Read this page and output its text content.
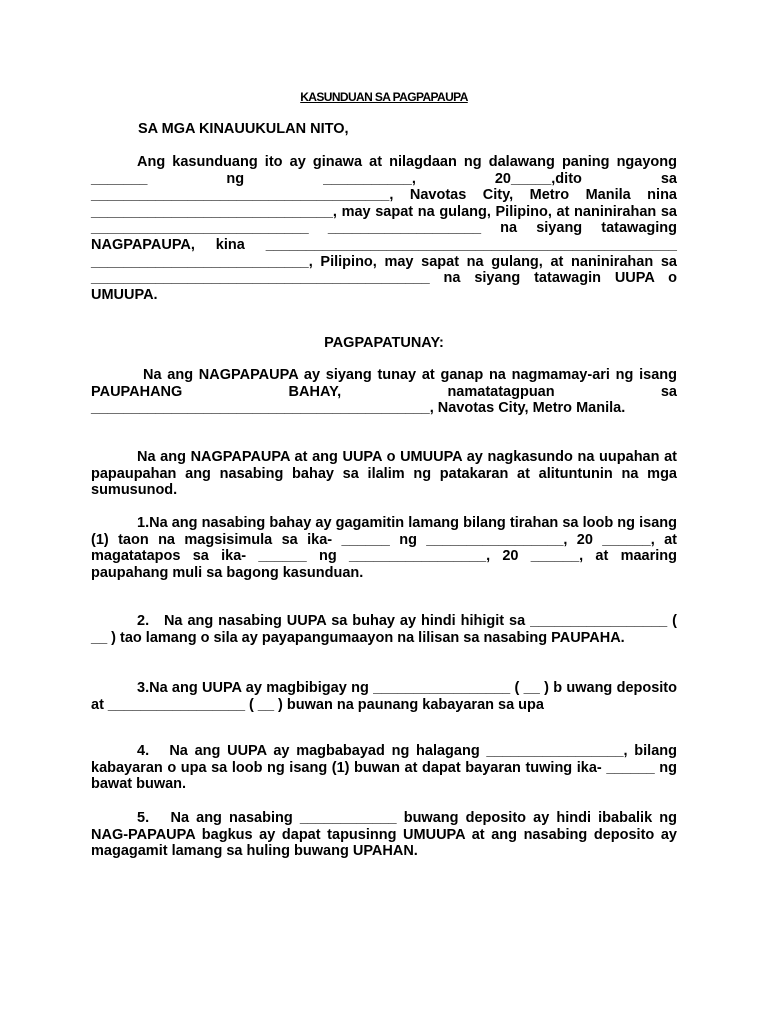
KASUNDUAN SA PAGPAPAUPA
SA MGA KINAUUKULAN NITO,

Ang kasunduang ito ay ginawa at nilagdaan ng dalawang paning ngayong _______ ng ___________, 20_____,dito sa _____________________________________, Navotas City, Metro Manila nina ______________________________, may sapat na gulang, Pilipino, at naninirahan sa ___________________________ ___________________ na siyang tatawaging NAGPAPAUPA, kina ___________________________________________________ ___________________________, Pilipino, may sapat na gulang, at naninirahan sa __________________________________________ na siyang tatawagin UUPA o UMUUPA.

PAGPAPATUNAY:

Na ang NAGPAPAUPA ay siyang tunay at ganap na nagmamay-ari ng isang PAUPAHANG BAHAY, namatatagpuan sa __________________________________________, Navotas City, Metro Manila.

Na ang NAGPAPAUPA at ang UUPA o UMUUPA ay nagkasundo na uupahan at papaupahan ang nasabing bahay sa ilalim ng patakaran at alituntunin na mga sumusunod.

1.Na ang nasabing bahay ay gagamitin lamang bilang tirahan sa loob ng isang (1) taon na magsisimula sa ika- ______ ng _________________, 20 ______, at magatatapos sa ika- ______ ng _________________, 20 ______, at maaring paupahang muli sa bagong kasunduan.

2.   Na ang nasabing UUPA sa buhay ay hindi hihigit sa _________________ ( __ ) tao lamang o sila ay payapangumaayon na lilisan sa nasabing PAUPAHA.

3.Na ang UUPA ay magbibigay ng _________________ ( __ ) b uwang deposito at _________________ ( __ ) buwan na paunang kabayaran sa upa

4.   Na ang UUPA ay magbabayad ng halagang _________________, bilang kabayaran o upa sa loob ng isang (1) buwan at dapat bayaran tuwing ika- ______ ng bawat buwan.

5.   Na ang nasabing ____________ buwang deposito ay hindi ibabalik ng NAG-PAPAUPA bagkus ay dapat tapusinng UMUUPA at ang nasabing deposito ay magagamit lamang sa huling buwang UPAHAN.
